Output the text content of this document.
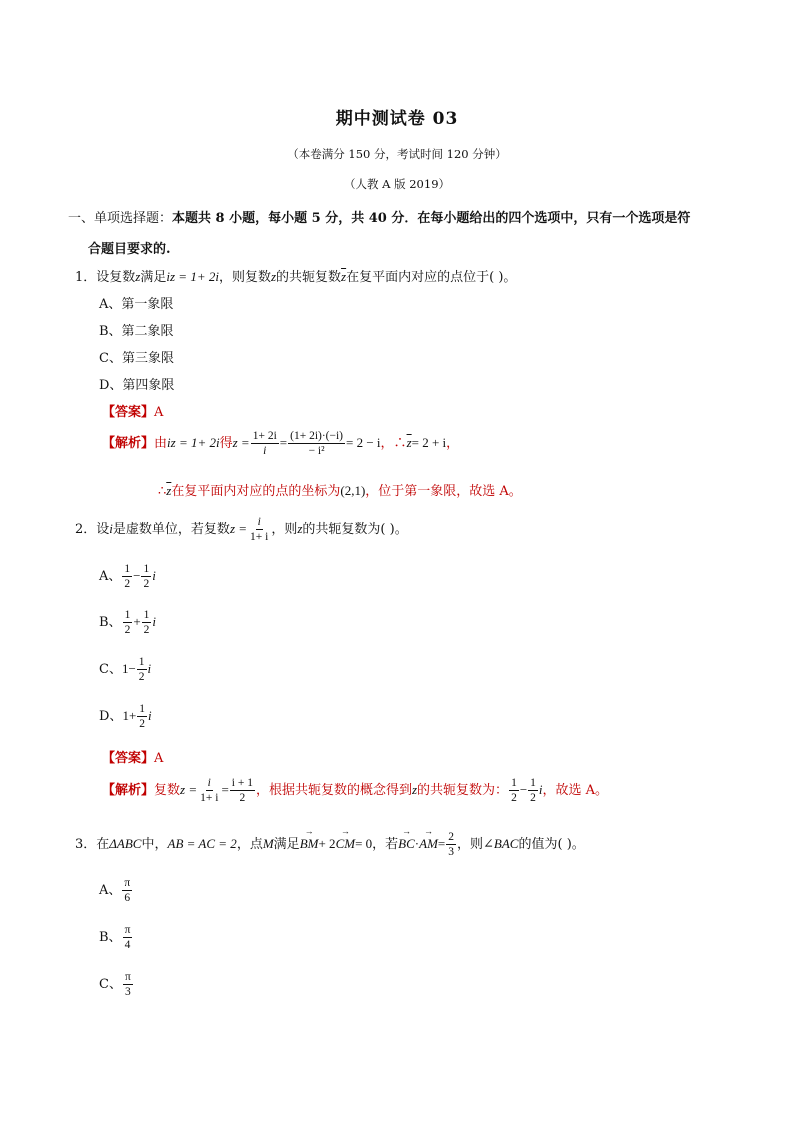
期中测试卷 03
（本卷满分 150 分，考试时间 120 分钟）
（人教 A 版 2019）
一、单项选择题：本题共 8 小题，每小题 5 分，共 40 分．在每小题给出的四个选项中，只有一个选项是符
合题目要求的.
1．设复数z满足iz = 1+ 2i，则复数z的共轭复数$\overline{z}$在复平面内对应的点位于( )。
A、第一象限
B、第二象限
C、第三象限
D、第四象限
【答案】A
【解析】由iz = 1+ 2i得$z = \frac{1+ 2i}{i} = \frac{(1+ 2i)\cdot(-i)}{\text{− i²}} = 2 - i$，$\therefore\overline{z}= 2 + i$，
$\therefore\overline{z}$在复平面内对应的点的坐标为(2,1)，位于第一象限，故选 A。
2．设i是虚数单位，若复数$z = \frac{i}{1+ i}$ ，则z的共轭复数为( )。
A、 $\frac{1}{2} - \frac{1}{2}$ i
B、 $\frac{1}{2} + \frac{1}{2}$ i
C、$1- \frac{1}{2}$ i
D、$1+ \frac{1}{2}$ i
【答案】A
【解析】复数$z = \frac{i}{1+ i} = \frac{i + 1}{2}$ ，根据共轭复数的概念得到z的共轭复数为： $\frac{1}{2} - \frac{1}{2}$ i，故选 A。
3．在ΔABC中，AB = AC = 2，点M满足→ BM+ 2→ CM= 0，若→ $BC\cdot\to AM= \frac{2}{3}$ ，则∠BAC的值为( )。
A、 $\frac{\pi}{6}$
B、 $\frac{\pi}{4}$
C、 $\frac{\pi}{3}$
